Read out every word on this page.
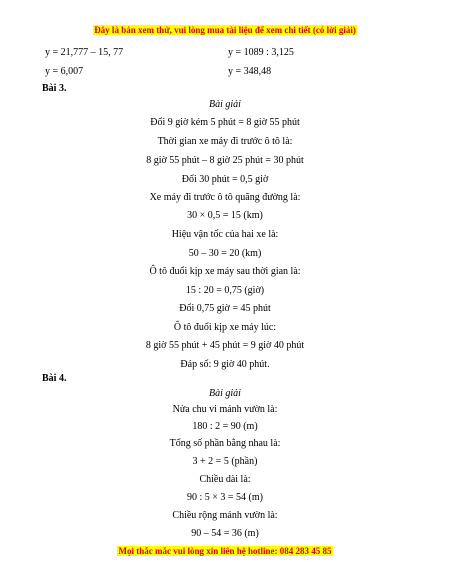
Đây là bản xem thử, vui lòng mua tài liệu để xem chi tiết (có lời giải)
y = 21,777 – 15, 77	y = 1089 : 3,125
y = 6,007	y = 348,48
Bài 3.
Bài giải
Đổi 9 giờ kém 5 phút = 8 giờ 55 phút
Thời gian xe máy đi trước ô tô là:
8 giờ 55 phút – 8 giờ 25 phút = 30 phút
Đổi 30 phút = 0,5 giờ
Xe máy đi trước ô tô quãng đường là:
30 × 0,5 = 15 (km)
Hiệu vận tốc của hai xe là:
50 – 30 = 20 (km)
Ô tô đuổi kịp xe máy sau thời gian là:
15 : 20 = 0,75 (giờ)
Đổi 0,75 giờ = 45 phút
Ô tô đuổi kịp xe máy lúc:
8 giờ 55 phút + 45 phút = 9 giờ 40 phút
Đáp số: 9 giờ 40 phút.
Bài 4.
Bài giải
Nửa chu vi mảnh vườn là:
180 : 2 = 90 (m)
Tổng số phần bằng nhau là:
3 + 2 = 5 (phần)
Chiều dài là:
90 : 5 × 3 = 54 (m)
Chiều rộng mảnh vườn là:
Mọi thắc mắc vui lòng xin liên hệ hotline: 084 283 45 85
90 – 54 = 36 (m)
